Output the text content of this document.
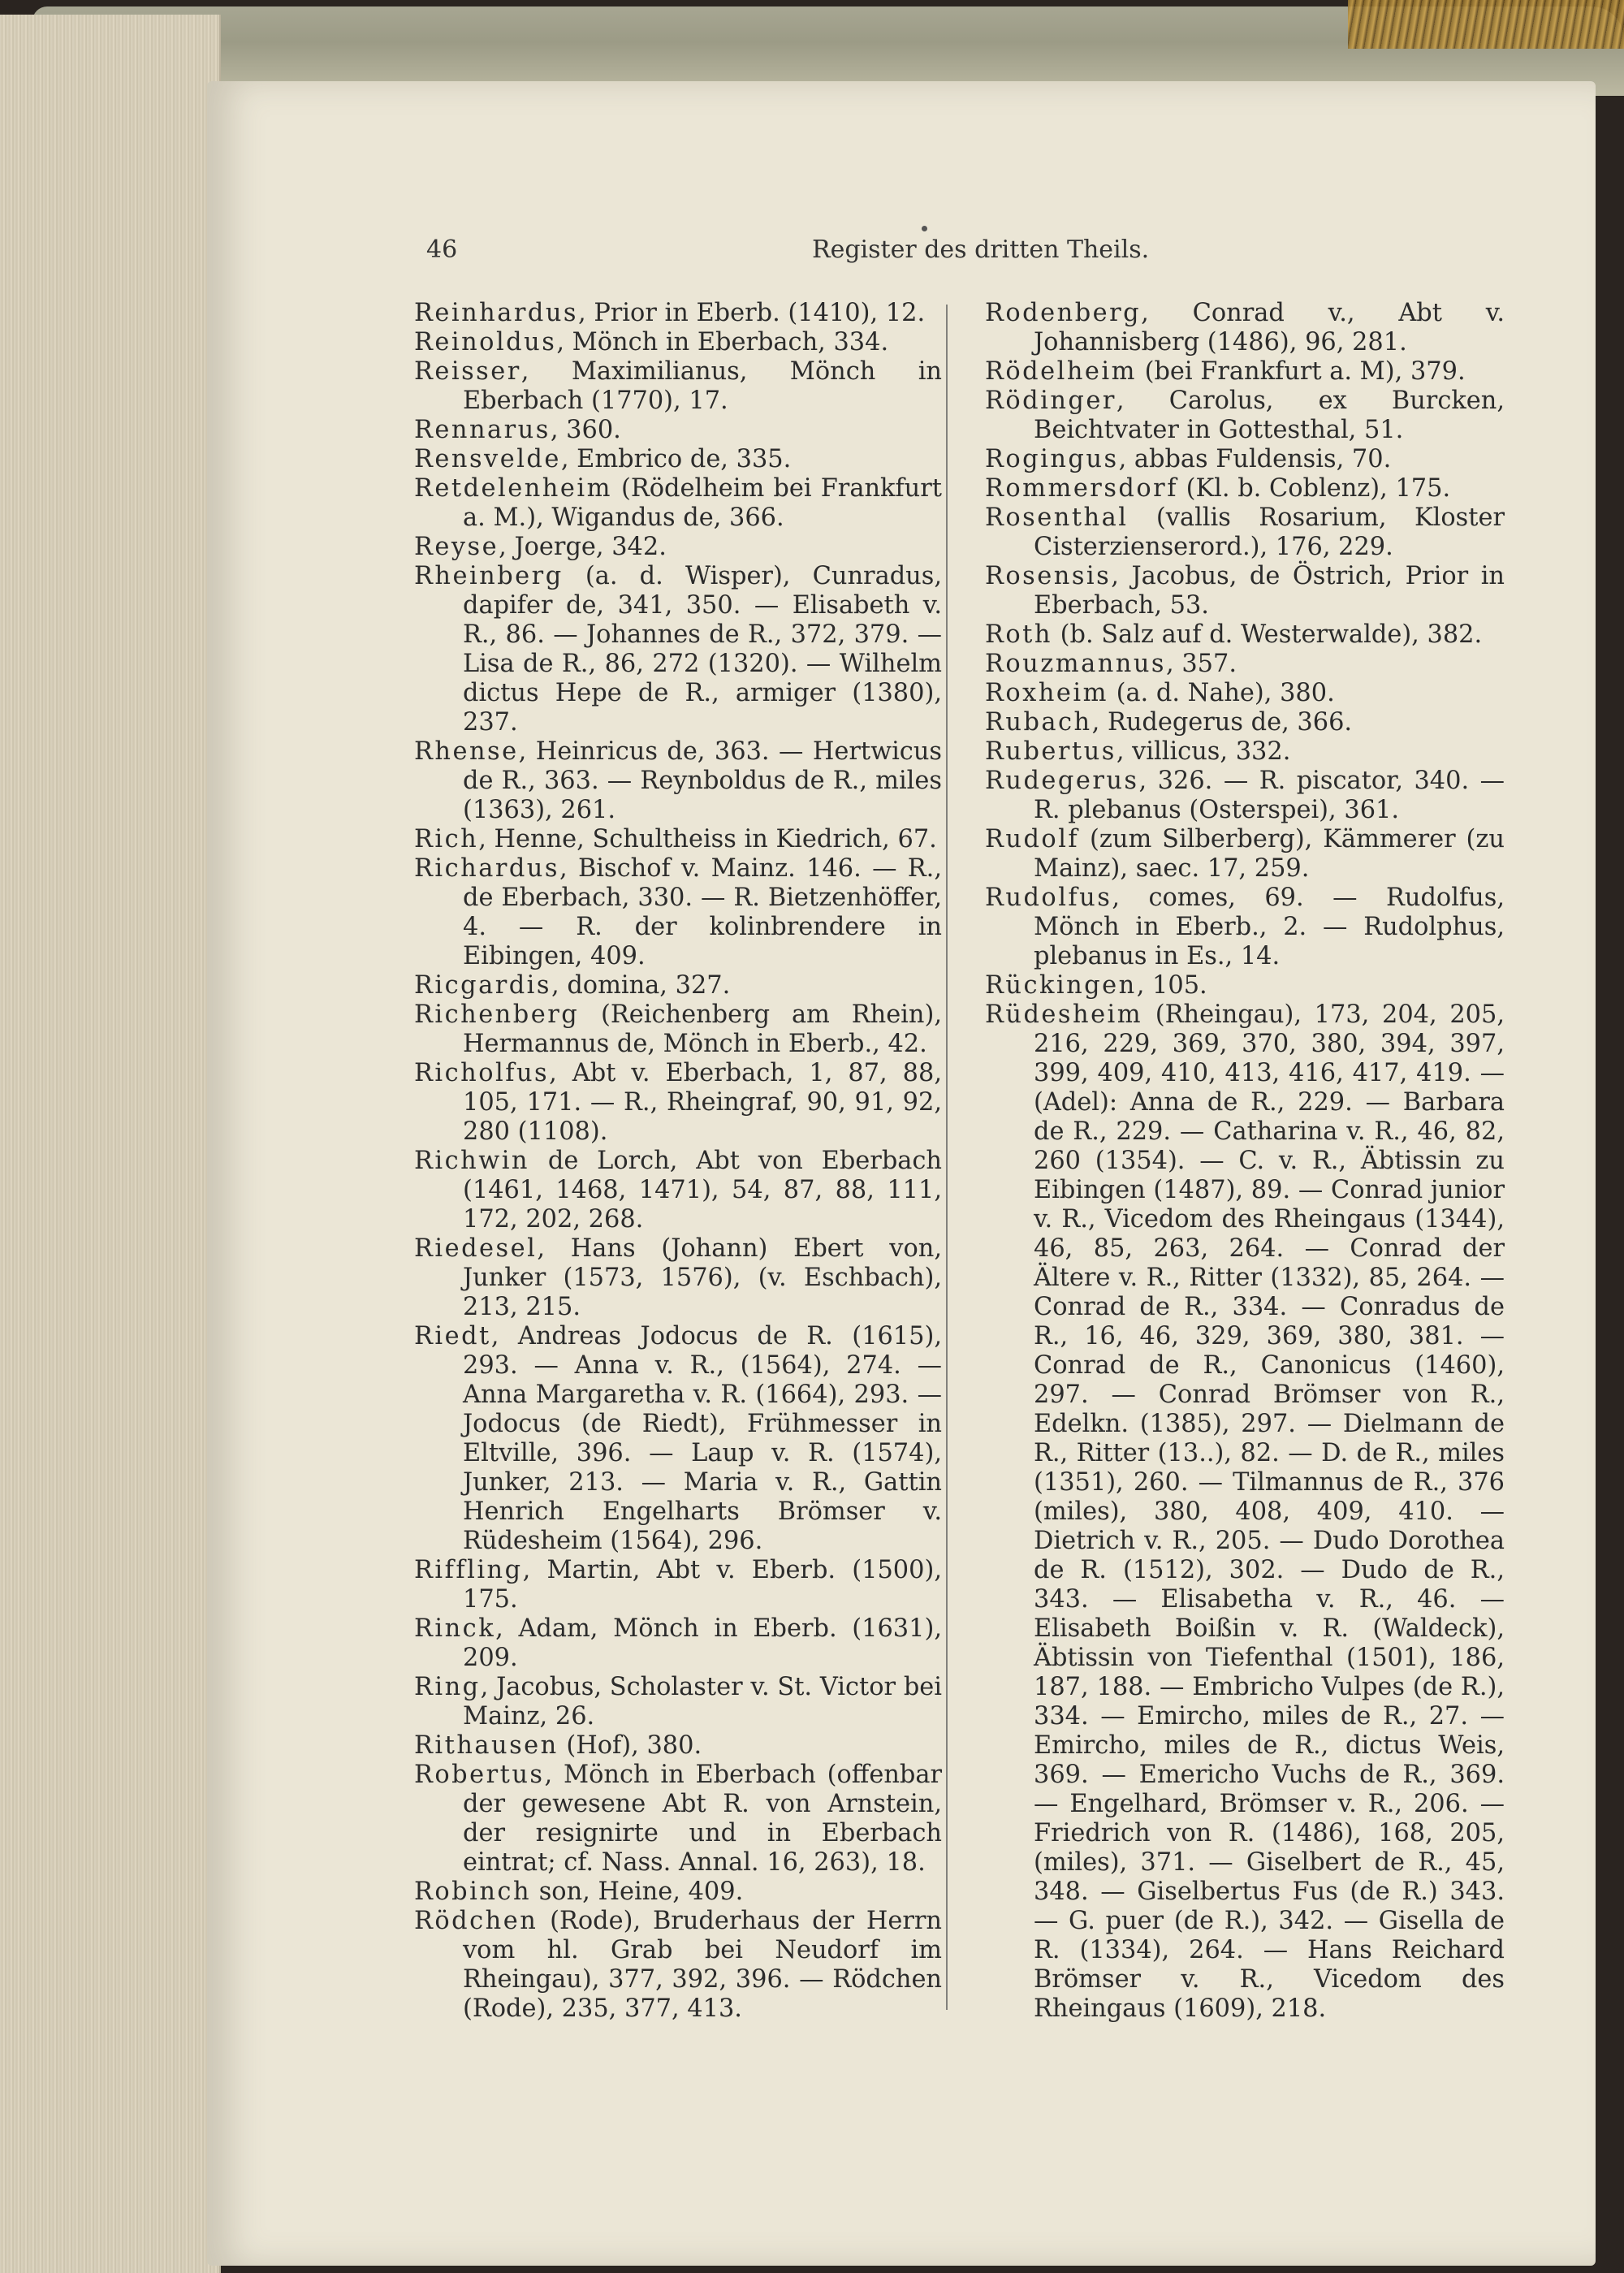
46	Register des dritten Theils.
Reinhardus, Prior in Eberb. (1410), 12.
Reinoldus, Mönch in Eberbach, 334.
Reisser, Maximilianus, Mönch in Eberbach (1770), 17.
Rennarus, 360.
Rensvelde, Embrico de, 335.
Retdelenheim (Rödelheim bei Frankfurt a. M.), Wigandus de, 366.
Reyse, Joerge, 342.
Rheinberg (a. d. Wisper), Cunradus, dapifer de, 341, 350. — Elisabeth v. R., 86. — Johannes de R., 372, 379. — Lisa de R., 86, 272 (1320). — Wilhelm dictus Hepe de R., armiger (1380), 237.
Rhense, Heinricus de, 363. — Hertwicus de R., 363. — Reynboldus de R., miles (1363), 261.
Rich, Henne, Schultheiss in Kiedrich, 67.
Richardus, Bischof v. Mainz. 146. — R., de Eberbach, 330. — R. Bietzenhöffer, 4. — R. der kolinbrendere in Eibingen, 409.
Ricgardis, domina, 327.
Richenberg (Reichenberg am Rhein), Hermannus de, Mönch in Eberb., 42.
Richolfus, Abt v. Eberbach, 1, 87, 88, 105, 171. — R., Rheingraf, 90, 91, 92, 280 (1108).
Richwin de Lorch, Abt von Eberbach (1461, 1468, 1471), 54, 87, 88, 111, 172, 202, 268.
Riedesel, Hans (Johann) Ebert von, Junker (1573, 1576), (v. Eschbach), 213, 215.
Riedt, Andreas Jodocus de R. (1615), 293. — Anna v. R., (1564), 274. — Anna Margaretha v. R. (1664), 293. — Jodocus (de Riedt), Frühmesser in Eltville, 396. — Laup v. R. (1574), Junker, 213. — Maria v. R., Gattin Henrich Engelharts Brömser v. Rüdesheim (1564), 296.
Riffling, Martin, Abt v. Eberb. (1500), 175.
Rinck, Adam, Mönch in Eberb. (1631), 209.
Ring, Jacobus, Scholaster v. St. Victor bei Mainz, 26.
Rithausen (Hof), 380.
Robertus, Mönch in Eberbach (offenbar der gewesene Abt R. von Arnstein, der resignirte und in Eberbach eintrat; cf. Nass. Annal. 16, 263), 18.
Robinch son, Heine, 409.
Rödchen (Rode), Bruderhaus der Herrn vom hl. Grab bei Neudorf im Rheingau), 377, 392, 396. — Rödchen (Rode), 235, 377, 413.
Rodenberg, Conrad v., Abt v. Johannisberg (1486), 96, 281.
Rödelheim (bei Frankfurt a. M), 379.
Rödinger, Carolus, ex Burcken, Beichtvater in Gottesthal, 51.
Rogingus, abbas Fuldensis, 70.
Rommersdorf (Kl. b. Coblenz), 175.
Rosenthal (vallis Rosarium, Kloster Cisterzienserord.), 176, 229.
Rosensis, Jacobus, de Östrich, Prior in Eberbach, 53.
Roth (b. Salz auf d. Westerwalde), 382.
Rouzmannus, 357.
Roxheim (a. d. Nahe), 380.
Rubach, Rudegerus de, 366.
Rubertus, villicus, 332.
Rudegerus, 326. — R. piscator, 340. — R. plebanus (Osterspei), 361.
Rudolf (zum Silberberg), Kämmerer (zu Mainz), saec. 17, 259.
Rudolfus, comes, 69. — Rudolfus, Mönch in Eberb., 2. — Rudolphus, plebanus in Es., 14.
Rückingen, 105.
Rüdesheim (Rheingau), 173, 204, 205, 216, 229, 369, 370, 380, 394, 397, 399, 409, 410, 413, 416, 417, 419. — (Adel): Anna de R., 229. — Barbara de R., 229. — Catharina v. R., 46, 82, 260 (1354). — C. v. R., Äbtissin zu Eibingen (1487), 89. — Conrad junior v. R., Vicedom des Rheingaus (1344), 46, 85, 263, 264. — Conrad der Ältere v. R., Ritter (1332), 85, 264. — Conrad de R., 334. — Conradus de R., 16, 46, 329, 369, 380, 381. — Conrad de R., Canonicus (1460), 297. — Conrad Brömser von R., Edelkn. (1385), 297. — Dielmann de R., Ritter (13..), 82. — D. de R., miles (1351), 260. — Tilmannus de R., 376 (miles), 380, 408, 409, 410. — Dietrich v. R., 205. — Dudo Dorothea de R. (1512), 302. — Dudo de R., 343. — Elisabetha v. R., 46. — Elisabeth Boißin v. R. (Waldeck), Äbtissin von Tiefenthal (1501), 186, 187, 188. — Embricho Vulpes (de R.), 334. — Emircho, miles de R., 27. — Emircho, miles de R., dictus Weis, 369. — Emericho Vuchs de R., 369. — Engelhard, Brömser v. R., 206. — Friedrich von R. (1486), 168, 205, (miles), 371. — Giselbert de R., 45, 348. — Giselbertus Fus (de R.) 343. — G. puer (de R.), 342. — Gisella de R. (1334), 264. — Hans Reichard Brömser v. R., Vicedom des Rheingaus (1609), 218.
